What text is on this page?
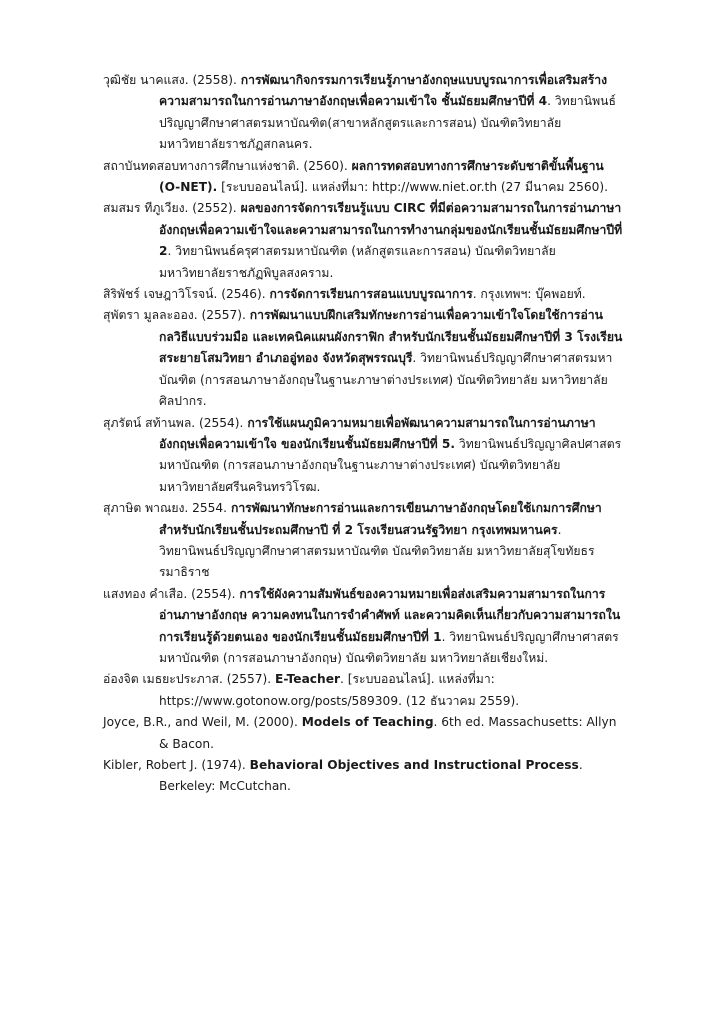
วุฒิชัย นาคแสง. (2558). การพัฒนากิจกรรมการเรียนรู้ภาษาอังกฤษแบบบูรณาการเพื่อเสริมสร้างความสามารถในการอ่านภาษาอังกฤษเพื่อความเข้าใจ ชั้นมัธยมศึกษาปีที่ 4. วิทยานิพนธ์ปริญญาศึกษาศาสตรมหาบัณฑิต(สาขาหลักสูตรและการสอน) บัณฑิตวิทยาลัย มหาวิทยาลัยราชภัฏสกลนคร.

สถาบันทดสอบทางการศึกษาแห่งชาติ. (2560). ผลการทดสอบทางการศึกษาระดับชาติขั้นพื้นฐาน (O-NET). [ระบบออนไลน์]. แหล่งที่มา: http://www.niet.or.th (27 มีนาคม 2560).

สมสมร ทีภูเวียง. (2552). ผลของการจัดการเรียนรู้แบบ CIRC ที่มีต่อความสามารถในการอ่านภาษาอังกฤษเพื่อความเข้าใจและความสามารถในการทำงานกลุ่มของนักเรียนชั้นมัธยมศึกษาปีที่ 2. วิทยานิพนธ์ครุศาสตรมหาบัณฑิต (หลักสูตรและการสอน) บัณฑิตวิทยาลัย มหาวิทยาลัยราชภัฏพิบูลสงคราม.

สิริพัชร์ เจษฎาวิโรจน์. (2546). การจัดการเรียนการสอนแบบบูรณาการ. กรุงเทพฯ: บุ๊คพอยท์.

สุพัตรา มูลละออง. (2557). การพัฒนาแบบฝึกเสริมทักษะการอ่านเพื่อความเข้าใจโดยใช้การอ่านกลวิธีแบบร่วมมือ และเทคนิคแผนผังกราฟิก สำหรับนักเรียนชั้นมัธยมศึกษาปีที่ 3 โรงเรียนสระยายโสมวิทยา อำเภออู่ทอง จังหวัดสุพรรณบุรี. วิทยานิพนธ์ปริญญาศึกษาศาสตรมหาบัณฑิต (การสอนภาษาอังกฤษในฐานะภาษาต่างประเทศ) บัณฑิตวิทยาลัย มหาวิทยาลัยศิลปากร.

สุภรัตน์ สท้านพล. (2554). การใช้แผนภูมิความหมายเพื่อพัฒนาความสามารถในการอ่านภาษาอังกฤษเพื่อความเข้าใจ ของนักเรียนชั้นมัธยมศึกษาปีที่ 5. วิทยานิพนธ์ปริญญาศิลปศาสตรมหาบัณฑิต (การสอนภาษาอังกฤษในฐานะภาษาต่างประเทศ) บัณฑิตวิทยาลัย มหาวิทยาลัยศรีนครินทรวิโรฒ.

สุภาษิต พาณยง. 2554. การพัฒนาทักษะการอ่านและการเขียนภาษาอังกฤษโดยใช้เกมการศึกษาสำหรับนักเรียนชั้นประถมศึกษาปี ที่ 2 โรงเรียนสวนรัฐวิทยา กรุงเทพมหานคร. วิทยานิพนธ์ปริญญาศึกษาศาสตรมหาบัณฑิต บัณฑิตวิทยาลัย มหาวิทยาลัยสุโขทัยธรรมาธิราช

แสงทอง คำเสือ. (2554). การใช้ผังความสัมพันธ์ของความหมายเพื่อส่งเสริมความสามารถในการอ่านภาษาอังกฤษ ความคงทนในการจำคำศัพท์ และความคิดเห็นเกี่ยวกับความสามารถในการเรียนรู้ด้วยตนเอง ของนักเรียนชั้นมัธยมศึกษาปีที่ 1. วิทยานิพนธ์ปริญญาศึกษาศาสตรมหาบัณฑิต (การสอนภาษาอังกฤษ) บัณฑิตวิทยาลัย มหาวิทยาลัยเชียงใหม่.

อ่องจิต เมธยะประภาส. (2557). E-Teacher. [ระบบออนไลน์]. แหล่งที่มา: https://www.gotonow.org/posts/589309. (12 ธันวาคม 2559).

Joyce, B.R., and Weil, M. (2000). Models of Teaching. 6th ed. Massachusetts: Allyn & Bacon.

Kibler, Robert J. (1974). Behavioral Objectives and Instructional Process. Berkeley: McCutchan.
